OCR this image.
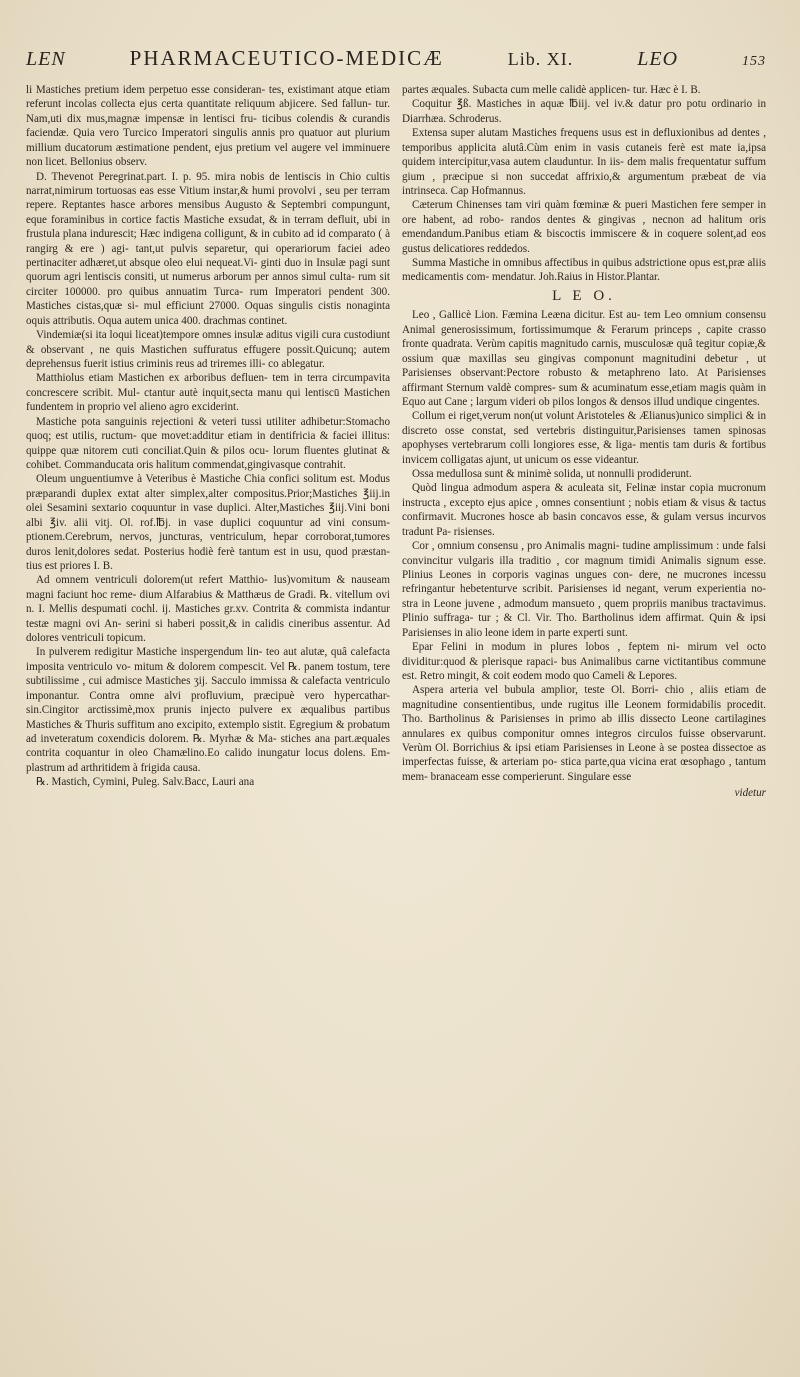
LEN	PHARMACEUTICO-MEDICÆ	Lib. XI.	LEO	153

li Mastiches pretium idem perpetuo esse consideran- tes, existimant atque etiam referunt incolas collecta ejus certa quantitate reliquum abjicere. Sed fallun- tur. Nam,uti dix mus,magnæ impensæ in lentisci fru- ticibus colendis & curandis faciendæ. Quia vero Turcico Imperatori singulis annis pro quatuor aut plurium millium ducatorum æstimatione pendent, ejus pretium vel augere vel imminuere non licet. Bellonius observ.

D. Thevenot Peregrinat.part. I. p. 95. mira nobis de lentiscis in Chio cultis narrat,nimirum tortuosas eas esse Vitium instar,& humi provolvi , seu per terram repere. Reptantes hasce arbores mensibus Augusto & Septembri compungunt, eque foraminibus in cortice factis Mastiche exsudat, & in terram defluit, ubi in frustula plana indurescit; Hæc indigena colligunt, & in cubito ad id comparato ( à rangirg & ere ) agi- tant,ut pulvis separetur, qui operariorum faciei adeo pertinaciter adhæret,ut absque oleo elui nequeat.Vi- ginti duo in Insulæ pagi sunt quorum agri lentiscis consiti, ut numerus arborum per annos simul culta- rum sit circiter 100000. pro quibus annuatim Turca- rum Imperatori pendent 300. Mastiches cistas,quæ si- mul efficiunt 27000. Oquas singulis cistis nonaginta oquis attributis. Oqua autem unica 400. drachmas continet.

Vindemiæ(si ita loqui liceat)tempore omnes insulæ aditus vigili cura custodiunt & observant , ne quis Mastichen suffuratus effugere possit.Quicunq; autem deprehensus fuerit istius criminis reus ad triremes illi- co ablegatur.

Matthiolus etiam Mastichen ex arboribus defluen- tem in terra circumpavita concrescere scribit. Mul- ctantur autè inquit,secta manu qui lentiscū Mastichen fundentem in proprio vel alieno agro exciderint.

Mastiche pota sanguinis rejectioni & veteri tussi utiliter adhibetur:Stomacho quoq; est utilis, ructum- que movet:additur etiam in dentifricia & faciei illitus: quippe quæ nitorem cuti conciliat.Quin & pilos ocu- lorum fluentes glutinat & cohibet. Commanducata oris halitum commendat,gingivasque contrahit.

Oleum unguentiumve à Veteribus è Mastiche Chia confici solitum est. Modus præparandi duplex extat alter simplex,alter compositus.Prior;Mastiches ℥iij.in olei Sesamini sextario coquuntur in vase duplici. Alter,Mastiches ℥iij.Vini boni albi ℥iv. alii vitj. Ol. rof.℔j. in vase duplici coquuntur ad vini consum- ptionem.Cerebrum, nervos, juncturas, ventriculum, hepar corroborat,tumores duros lenit,dolores sedat. Posterius hodiè ferè tantum est in usu, quod præstan- tius est priores I. B.

Ad omnem ventriculi dolorem(ut refert Matthio- lus)vomitum & nauseam magni faciunt hoc reme- dium Alfarabius & Matthæus de Gradi. ℞. vitellum ovi n. I. Mellis despumati cochl. ij. Mastiches gr.xv. Contrita & commista indantur testæ magni ovi An- serini si haberi possit,& in calidis cineribus assentur. Ad dolores ventriculi topicum.

In pulverem redigitur Mastiche inspergendum lin- teo aut alutæ, quâ calefacta imposita ventriculo vo- mitum & dolorem compescit. Vel ℞. panem tostum, tere subtilissime , cui admisce Mastiches ʒij. Sacculo immissa & calefacta ventriculo imponantur. Contra omne alvi profluvium, præcipuè vero hypercathar- sin.Cingitor arctissimè,mox prunis injecto pulvere ex æqualibus partibus Mastiches & Thuris suffitum ano excipito, extemplo sistit. Egregium & probatum ad inveteratum coxendicis dolorem. ℞. Myrhæ & Ma- stiches ana part.æquales contrita coquantur in oleo Chamælino.Eo calido inungatur locus dolens. Em- plastrum ad arthritidem à frigida causa.

℞. Mastich, Cymini, Puleg. Salv.Bacc, Lauri ana

partes æquales. Subacta cum melle calidè applicen- tur. Hæc è I. B.

Coquitur ℥ß. Mastiches in aquæ ℔iij. vel iv.& datur pro potu ordinario in Diarrhæa. Schroderus.

Extensa super alutam Mastiches frequens usus est in defluxionibus ad dentes , temporibus applicita alutâ.Cùm enim in vasis cutaneis ferè est mate ia,ipsa quidem intercipitur,vasa autem clauduntur. In iis- dem malis frequentatur suffum gium , præcipue si non succedat affrixio,& argumentum præbeat de via intrinseca. Cap Hofmannus.

Cæterum Chinenses tam viri quàm fœminæ & pueri Mastichen fere semper in ore habent, ad robo- randos dentes & gingivas , necnon ad halitum oris emendandum.Panibus etiam & biscoctis immiscere & in coquere solent,ad eos gustus delicatiores reddedos.

Summa Mastiche in omnibus affectibus in quibus adstrictione opus est,præ aliis medicamentis com- mendatur. Joh.Raius in Histor.Plantar.

L E O.

Leo , Gallicè Lion. Fæmina Leæna dicitur. Est au- tem Leo omnium consensu Animal generosissimum, fortissimumque & Ferarum princeps , capite crasso fronte quadrata. Verùm capitis magnitudo carnis, musculosæ quâ tegitur copiæ,& ossium quæ maxillas seu gingivas componunt magnitudini debetur , ut Parisienses observant:Pectore robusto & metaphreno lato. At Parisienses affirmant Sternum valdè compres- sum & acuminatum esse,etiam magis quàm in Equo aut Cane ; largum videri ob pilos longos & densos illud undique cingentes.

Collum ei riget,verum non(ut volunt Aristoteles & Ælianus)unico simplici & in discreto osse constat, sed vertebris distinguitur,Parisienses tamen spinosas apophyses vertebrarum colli longiores esse, & liga- mentis tam duris & fortibus invicem colligatas ajunt, ut unicum os esse videantur.

Ossa medullosa sunt & minimè solida, ut nonnulli prodiderunt.

Quòd lingua admodum aspera & aculeata sit, Felinæ instar copia mucronum instructa , excepto ejus apice , omnes consentiunt ; nobis etiam & visus & tactus confirmavit. Mucrones hosce ab basin concavos esse, & gulam versus incurvos tradunt Pa- risienses.

Cor , omnium consensu , pro Animalis magni- tudine amplissimum : unde falsi convincitur vulgaris illa traditio , cor magnum timidi Animalis signum esse. Plinius Leones in corporis vaginas ungues con- dere, ne mucrones incessu refringantur hebetenturve scribit. Parisienses id negant, verum experientia no- stra in Leone juvene , admodum mansueto , quem propriis manibus tractavimus. Plinio suffraga- tur ; & Cl. Vir. Tho. Bartholinus idem affirmat. Quin & ipsi Parisienses in alio leone idem in parte experti sunt.

Epar Felini in modum in plures lobos , feptem ni- mirum vel octo dividitur:quod & plerisque rapaci- bus Animalibus carne victitantibus commune est. Retro mingit, & coit eodem modo quo Cameli & Lepores.

Aspera arteria vel bubula amplior, teste Ol. Borri- chio , aliis etiam de magnitudine consentientibus, unde rugitus ille Leonem formidabilis procedit. Tho. Bartholinus & Parisienses in primo ab illis dissecto Leone cartilagines annulares ex quibus componitur omnes integros circulos fuisse observarunt. Verùm Ol. Borrichius & ipsi etiam Parisienses in Leone à se postea dissectoe as imperfectas fuisse, & arteriam po- stica parte,qua vicina erat œsophago , tantum mem- branaceam esse comperierunt. Singulare esse

videtur
